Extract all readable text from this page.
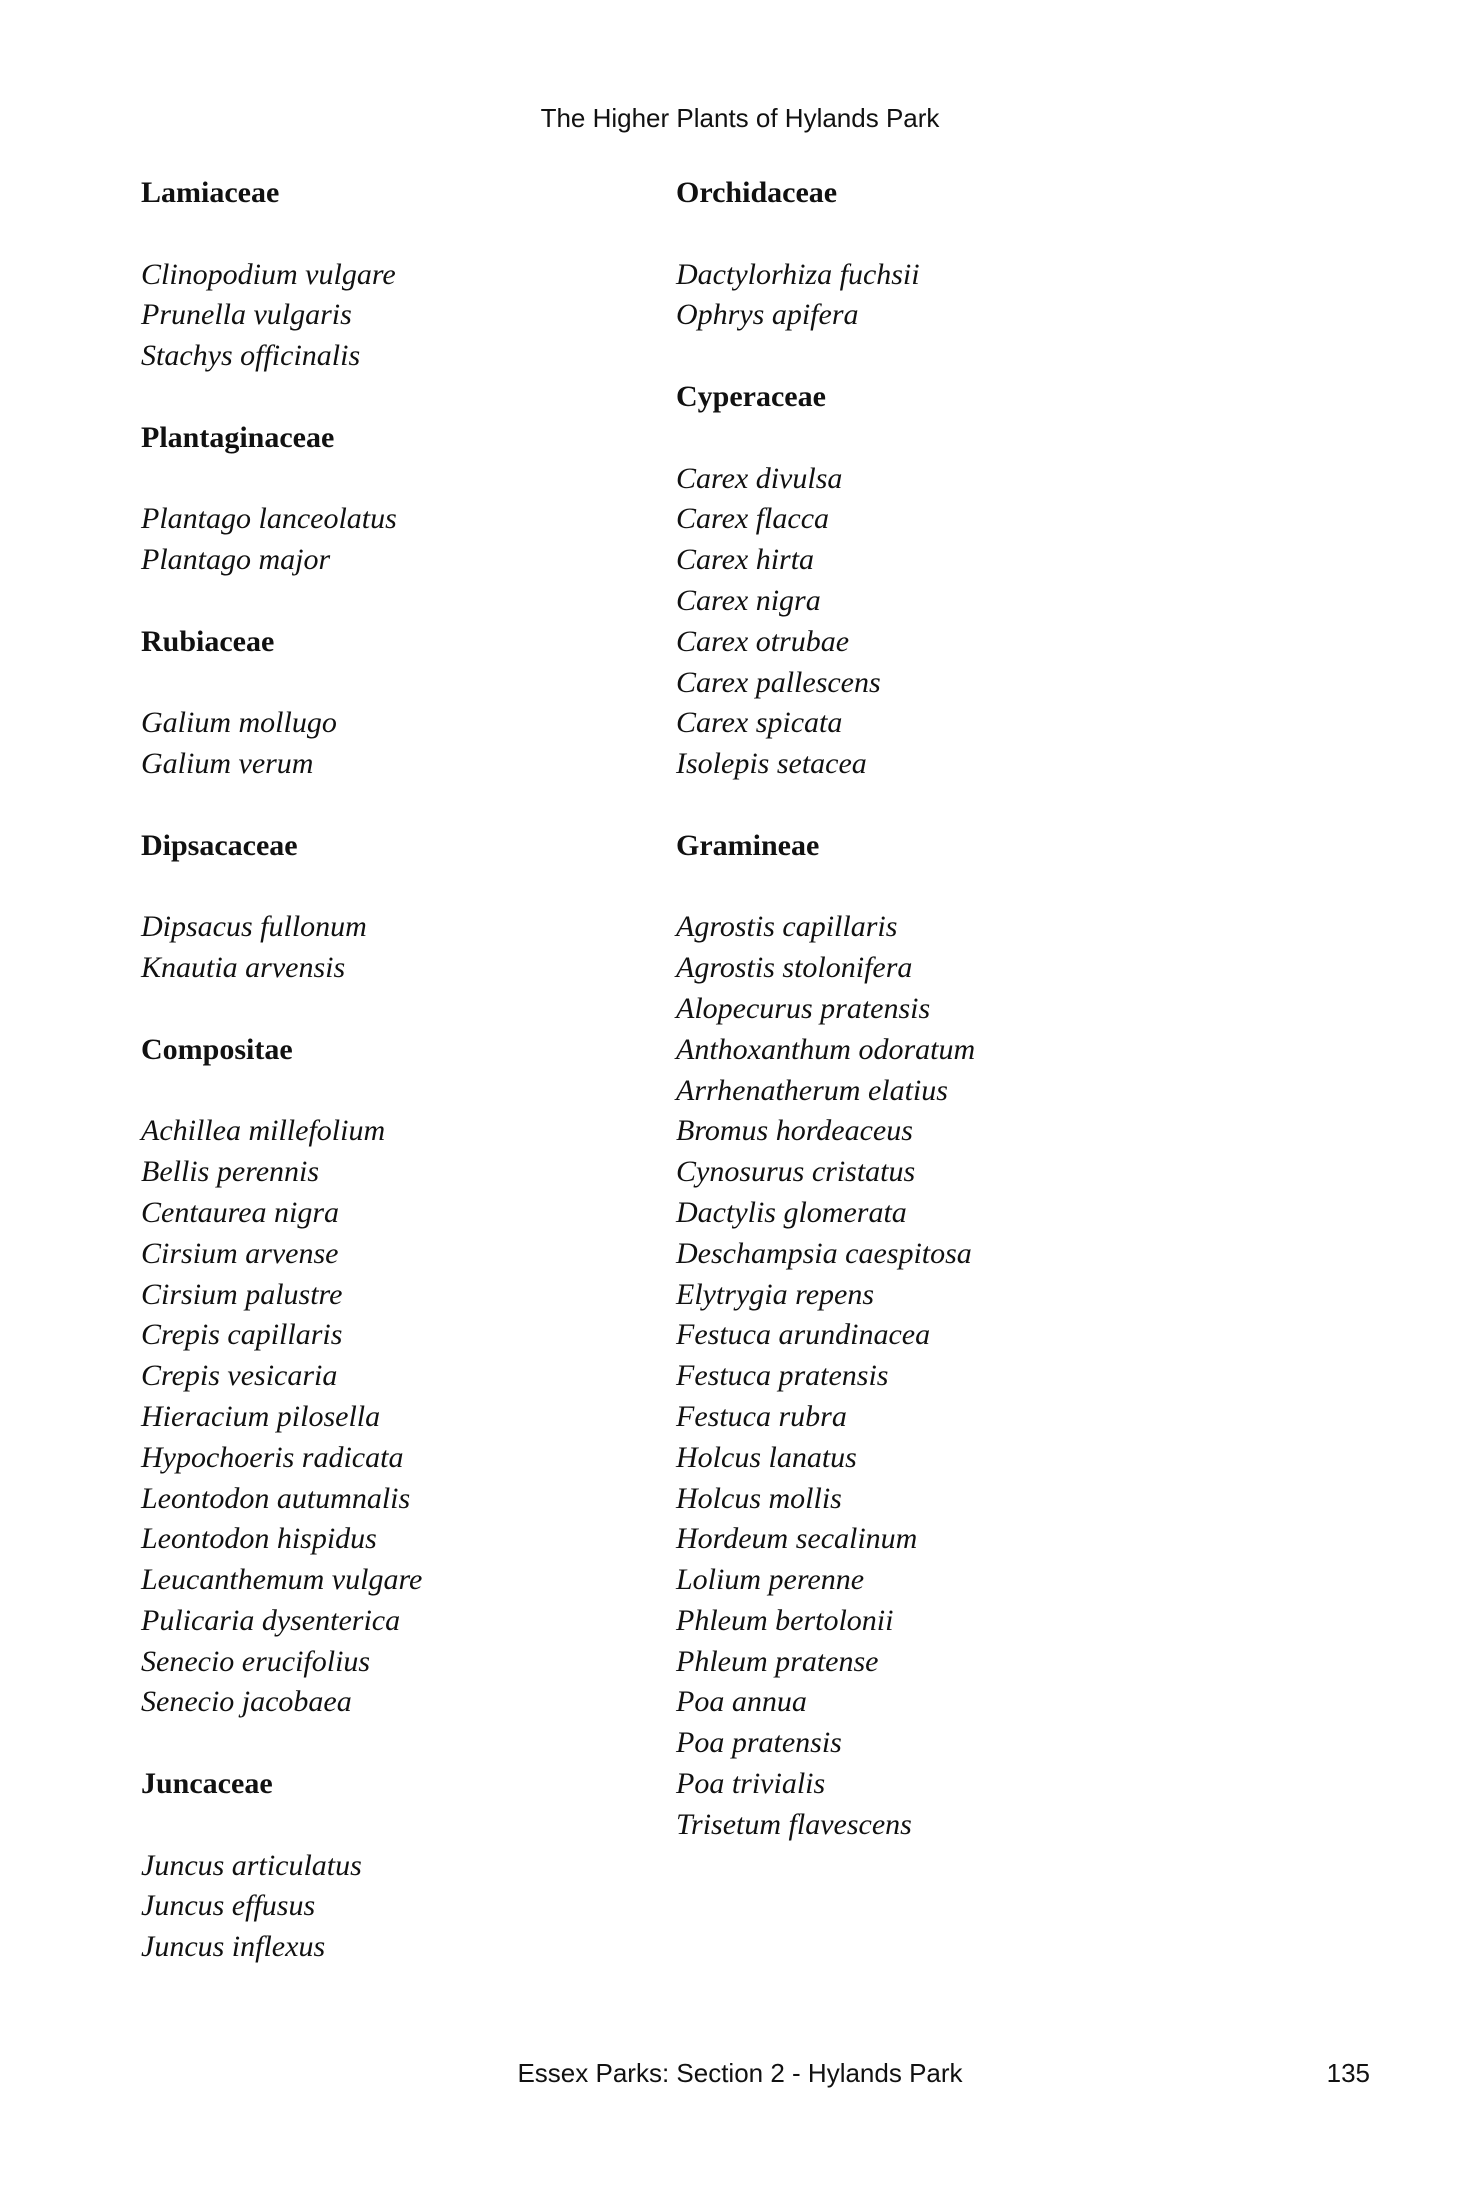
The Higher Plants of Hylands Park
Lamiaceae
Clinopodium vulgare
Prunella vulgaris
Stachys officinalis
Plantaginaceae
Plantago lanceolatus
Plantago major
Rubiaceae
Galium mollugo
Galium verum
Dipsacaceae
Dipsacus fullonum
Knautia arvensis
Compositae
Achillea millefolium
Bellis perennis
Centaurea nigra
Cirsium arvense
Cirsium palustre
Crepis capillaris
Crepis vesicaria
Hieracium pilosella
Hypochoeris radicata
Leontodon autumnalis
Leontodon hispidus
Leucanthemum vulgare
Pulicaria dysenterica
Senecio erucifolius
Senecio jacobaea
Juncaceae
Juncus articulatus
Juncus effusus
Juncus inflexus
Orchidaceae
Dactylorhiza fuchsii
Ophrys apifera
Cyperaceae
Carex divulsa
Carex flacca
Carex hirta
Carex nigra
Carex otrubae
Carex pallescens
Carex spicata
Isolepis setacea
Gramineae
Agrostis capillaris
Agrostis stolonifera
Alopecurus pratensis
Anthoxanthum odoratum
Arrhenatherum elatius
Bromus hordeaceus
Cynosurus cristatus
Dactylis glomerata
Deschampsia caespitosa
Elytrygia repens
Festuca arundinacea
Festuca pratensis
Festuca rubra
Holcus lanatus
Holcus mollis
Hordeum secalinum
Lolium perenne
Phleum bertolonii
Phleum pratense
Poa annua
Poa pratensis
Poa trivialis
Trisetum flavescens
Essex Parks: Section 2 - Hylands Park	135
